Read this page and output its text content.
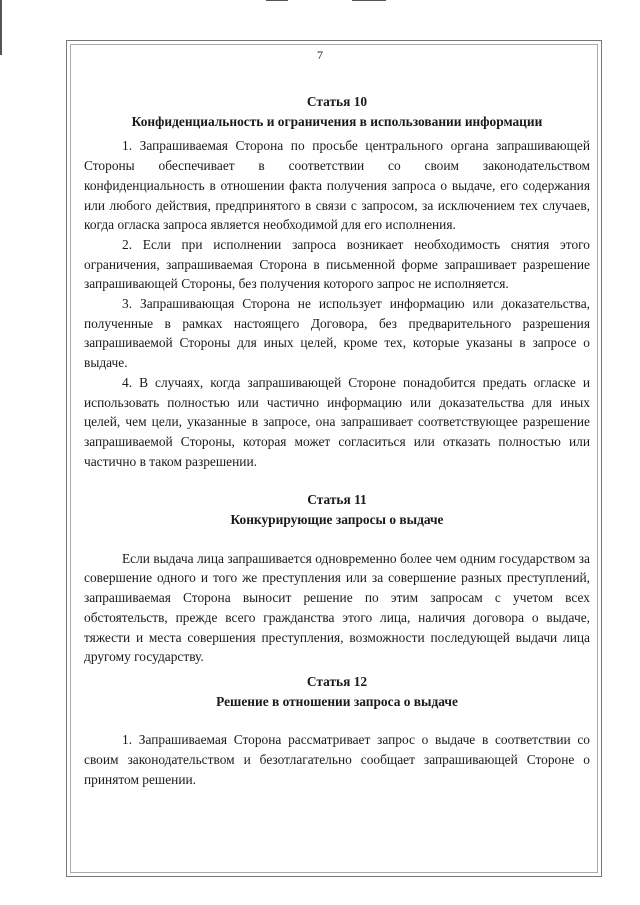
7

Статья 10

Конфиденциальность и ограничения в использовании информации

1. Запрашиваемая Сторона по просьбе центрального органа запрашивающей Стороны обеспечивает в соответствии со своим законодательством конфиденциальность в отношении факта получения запроса о выдаче, его содержания или любого действия, предпринятого в связи с запросом, за исключением тех случаев, когда огласка запроса является необходимой для его исполнения.

2. Если при исполнении запроса возникает необходимость снятия этого ограничения, запрашиваемая Сторона в письменной форме запрашивает разрешение запрашивающей Стороны, без получения которого запрос не исполняется.

3. Запрашивающая Сторона не использует информацию или доказательства, полученные в рамках настоящего Договора, без предварительного разрешения запрашиваемой Стороны для иных целей, кроме тех, которые указаны в запросе о выдаче.

4. В случаях, когда запрашивающей Стороне понадобится предать огласке и использовать полностью или частично информацию или доказательства для иных целей, чем цели, указанные в запросе, она запрашивает соответствующее разрешение запрашиваемой Стороны, которая может согласиться или отказать полностью или частично в таком разрешении.

Статья 11

Конкурирующие запросы о выдаче

Если выдача лица запрашивается одновременно более чем одним государством за совершение одного и того же преступления или за совершение разных преступлений, запрашиваемая Сторона выносит решение по этим запросам с учетом всех обстоятельств, прежде всего гражданства этого лица, наличия договора о выдаче, тяжести и места совершения преступления, возможности последующей выдачи лица другому государству.

Статья 12

Решение в отношении запроса о выдаче

1. Запрашиваемая Сторона рассматривает запрос о выдаче в соответствии со своим законодательством и безотлагательно сообщает запрашивающей Стороне о принятом решении.
